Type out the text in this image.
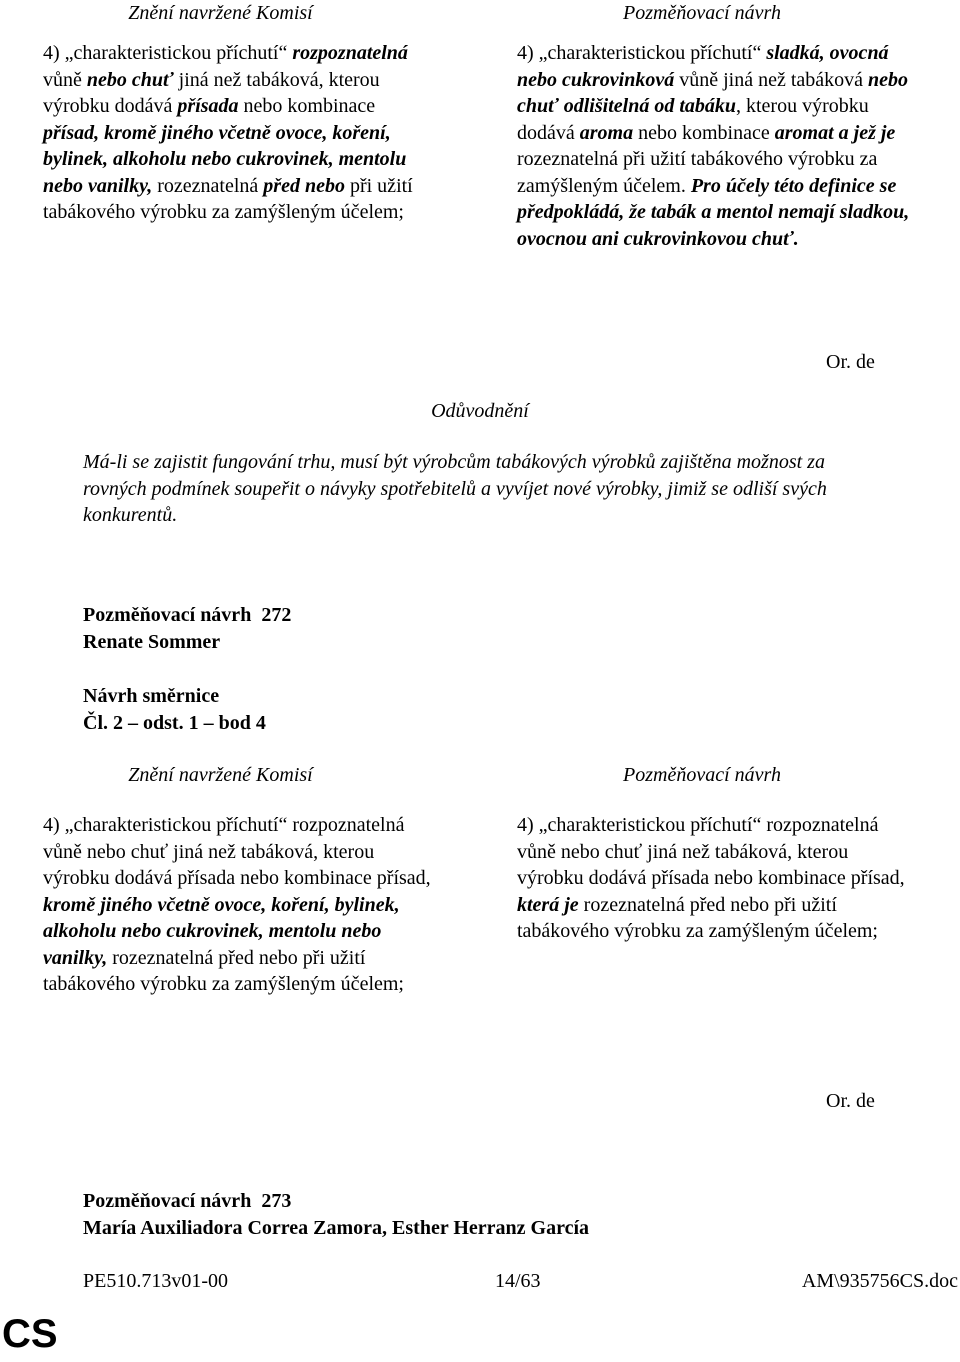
Znění navržené Komisí

4) „charakteristickou příchutí“ rozpoznatelná vůně nebo chuť jiná než tabáková, kterou výrobku dodává přísada nebo kombinace přísad, kromě jiného včetně ovoce, koření, bylinek, alkoholu nebo cukrovinek, mentolu nebo vanilky, rozeznatelná před nebo při užití tabákového výrobku za zamýšleným účelem;

Pozměňovací návrh

4) „charakteristickou příchutí“ sladká, ovocná nebo cukrovinková vůně jiná než tabáková nebo chuť odlišitelná od tabáku, kterou výrobku dodává aroma nebo kombinace aromat a jež je rozeznatelná při užití tabákového výrobku za zamýšleným účelem. Pro účely této definice se předpokládá, že tabák a mentol nemají sladkou, ovocnou ani cukrovinkovou chuť.

Or. de
Odůvodnění
Má-li se zajistit fungování trhu, musí být výrobcům tabákových výrobků zajištěna možnost za rovných podmínek soupeřit o návyky spotřebitelů a vyvíjet nové výrobky, jimiž se odliší svých konkurentů.
Pozměňovací návrh 272
Renate Sommer
Návrh směrnice
Čl. 2 – odst. 1 – bod 4
Znění navržené Komisí

4) „charakteristickou příchutí“ rozpoznatelná vůně nebo chuť jiná než tabáková, kterou výrobku dodává přísada nebo kombinace přísad, kromě jiného včetně ovoce, koření, bylinek, alkoholu nebo cukrovinek, mentolu nebo vanilky, rozeznatelná před nebo při užití tabákového výrobku za zamýšleným účelem;

Pozměňovací návrh

4) „charakteristickou příchutí“ rozpoznatelná vůně nebo chuť jiná než tabáková, kterou výrobku dodává přísada nebo kombinace přísad, která je rozeznatelná před nebo při užití tabákového výrobku za zamýšleným účelem;

Or. de
Pozměňovací návrh 273
María Auxiliadora Correa Zamora, Esther Herranz García
PE510.713v01-00	14/63	AM\935756CS.doc
CS
